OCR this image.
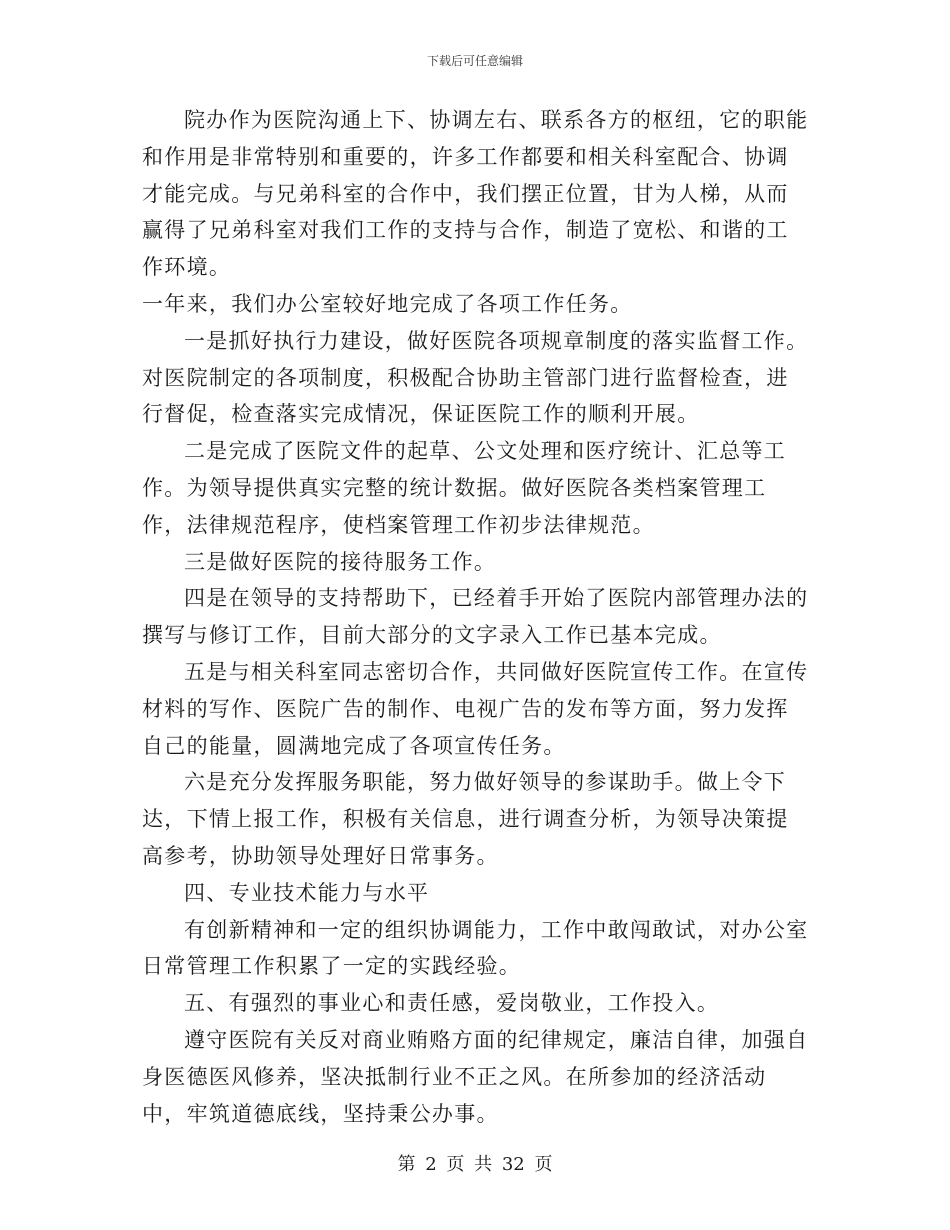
下载后可任意编辑

院办作为医院沟通上下、协调左右、联系各方的枢纽，它的职能和作用是非常特别和重要的，许多工作都要和相关科室配合、协调才能完成。与兄弟科室的合作中，我们摆正位置，甘为人梯，从而赢得了兄弟科室对我们工作的支持与合作，制造了宽松、和谐的工作环境。

一年来，我们办公室较好地完成了各项工作任务。

一是抓好执行力建设，做好医院各项规章制度的落实监督工作。对医院制定的各项制度，积极配合协助主管部门进行监督检查，进行督促，检查落实完成情况，保证医院工作的顺利开展。

二是完成了医院文件的起草、公文处理和医疗统计、汇总等工作。为领导提供真实完整的统计数据。做好医院各类档案管理工作，法律规范程序，使档案管理工作初步法律规范。

三是做好医院的接待服务工作。

四是在领导的支持帮助下，已经着手开始了医院内部管理办法的撰写与修订工作，目前大部分的文字录入工作已基本完成。

五是与相关科室同志密切合作，共同做好医院宣传工作。在宣传材料的写作、医院广告的制作、电视广告的发布等方面，努力发挥自己的能量，圆满地完成了各项宣传任务。

六是充分发挥服务职能，努力做好领导的参谋助手。做上令下达，下情上报工作，积极有关信息，进行调查分析，为领导决策提高参考，协助领导处理好日常事务。

四、专业技术能力与水平

有创新精神和一定的组织协调能力，工作中敢闯敢试，对办公室日常管理工作积累了一定的实践经验。

五、有强烈的事业心和责任感，爱岗敬业，工作投入。

遵守医院有关反对商业贿赂方面的纪律规定，廉洁自律，加强自身医德医风修养，坚决抵制行业不正之风。在所参加的经济活动中，牢筑道德底线，坚持秉公办事。

第 2 页 共 32 页
